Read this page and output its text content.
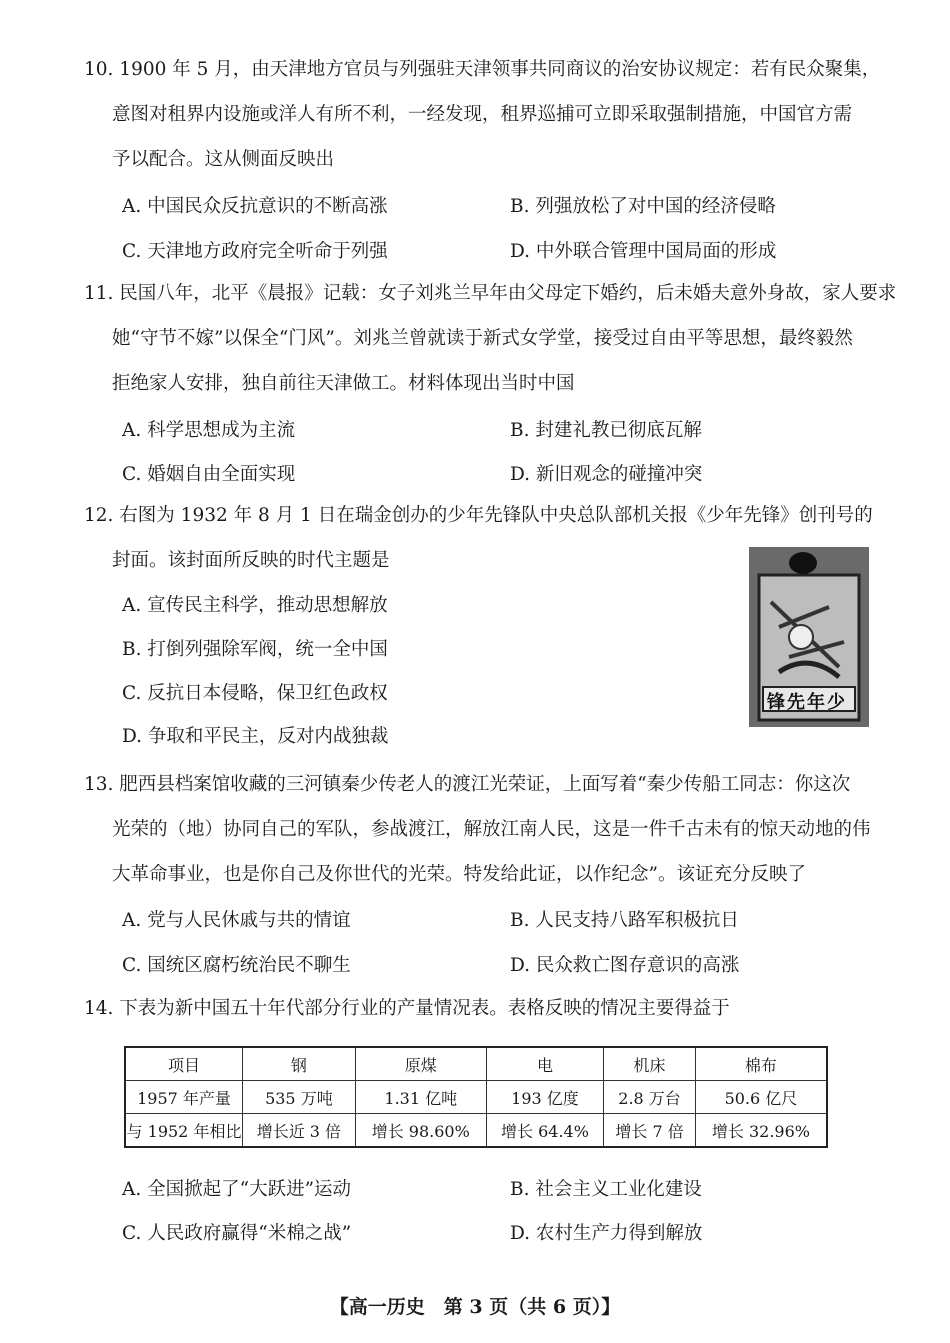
10. 1900 年 5 月，由天津地方官员与列强驻天津领事共同商议的治安协议规定：若有民众聚集，
意图对租界内设施或洋人有所不利，一经发现，租界巡捕可立即采取强制措施，中国官方需
予以配合。这从侧面反映出
A. 中国民众反抗意识的不断高涨	B. 列强放松了对中国的经济侵略
C. 天津地方政府完全听命于列强	D. 中外联合管理中国局面的形成
11. 民国八年，北平《晨报》记载：女子刘兆兰早年由父母定下婚约，后未婚夫意外身故，家人要求
她“守节不嫁”以保全“门风”。刘兆兰曾就读于新式女学堂，接受过自由平等思想，最终毅然
拒绝家人安排，独自前往天津做工。材料体现出当时中国
A. 科学思想成为主流	B. 封建礼教已彻底瓦解
C. 婚姻自由全面实现	D. 新旧观念的碰撞冲突
12. 右图为 1932 年 8 月 1 日在瑞金创办的少年先锋队中央总队部机关报《少年先锋》创刊号的
封面。该封面所反映的时代主题是
A. 宣传民主科学，推动思想解放
B. 打倒列强除军阀，统一全中国
C. 反抗日本侵略，保卫红色政权
D. 争取和平民主，反对内战独裁
锋先年少
13. 肥西县档案馆收藏的三河镇秦少传老人的渡江光荣证，上面写着“秦少传船工同志：你这次
光荣的（地）协同自己的军队，参战渡江，解放江南人民，这是一件千古未有的惊天动地的伟
大革命事业，也是你自己及你世代的光荣。特发给此证，以作纪念”。该证充分反映了
A. 党与人民休戚与共的情谊	B. 人民支持八路军积极抗日
C. 国统区腐朽统治民不聊生	D. 民众救亡图存意识的高涨
14. 下表为新中国五十年代部分行业的产量情况表。表格反映的情况主要得益于
项目	钢	原煤	电	机床	棉布
1957 年产量	535 万吨	1.31 亿吨	193 亿度	2.8 万台	50.6 亿尺
与 1952 年相比	增长近 3 倍	增长 98.60%	增长 64.4%	增长 7 倍	增长 32.96%
A. 全国掀起了“大跃进”运动	B. 社会主义工业化建设
C. 人民政府赢得“米棉之战”	D. 农村生产力得到解放
【高一历史　第 3 页（共 6 页）】
